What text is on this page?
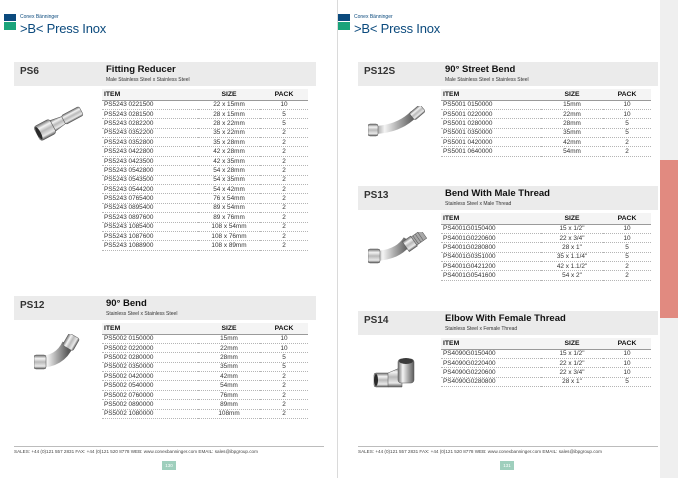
Conex Bänninger
>B< Press Inox
PS6	Fitting Reducer
Male Stainless Steel x Stainless Steel
ITEM	SIZE	PACK
PS5243 0221500	22 x 15mm	10
PS5243 0281500	28 x 15mm	5
PS5243 0282200	28 x 22mm	5
PS5243 0352200	35 x 22mm	2
PS5243 0352800	35 x 28mm	2
PS5243 0422800	42 x 28mm	2
PS5243 0423500	42 x 35mm	2
PS5243 0542800	54 x 28mm	2
PS5243 0543500	54 x 35mm	2
PS5243 0544200	54 x 42mm	2
PS5243 0765400	76 x 54mm	2
PS5243 0895400	89 x 54mm	2
PS5243 0897600	89 x 76mm	2
PS5243 1085400	108 x 54mm	2
PS5243 1087600	108 x 76mm	2
PS5243 1088900	108 x 89mm	2
PS12	90° Bend
Stainless Steel x Stainless Steel
ITEM	SIZE	PACK
PS5002 0150000	15mm	10
PS5002 0220000	22mm	10
PS5002 0280000	28mm	5
PS5002 0350000	35mm	5
PS5002 0420000	42mm	2
PS5002 0540000	54mm	2
PS5002 0760000	76mm	2
PS5002 0890000	89mm	2
PS5002 1080000	108mm	2
SALES: +44 (0)121 557 2831 FAX: +44 (0)121 520 8778 WEB: www.conexbanninger.com EMAIL: sales@ibpgroup.com
130
Conex Bänninger
>B< Press Inox
PS12S	90° Street Bend
Male Stainless Steel x Stainless Steel
ITEM	SIZE	PACK
PS5001 0150000	15mm	10
PS5001 0220000	22mm	10
PS5001 0280000	28mm	5
PS5001 0350000	35mm	5
PS5001 0420000	42mm	2
PS5001 0640000	54mm	2
PS13	Bend With Male Thread
Stainless Steel x Male Thread
ITEM	SIZE	PACK
PS4001G0150400	15 x 1/2"	10
PS4001G0220600	22 x 3/4"	10
PS4001G0280800	28 x 1"	5
PS4001G0351000	35 x 1.1/4"	5
PS4001G0421200	42 x 1.1/2"	2
PS4001G0541600	54 x 2"	2
PS14	Elbow With Female Thread
Stainless Steel x Female Thread
ITEM	SIZE	PACK
PS4090G0150400	15 x 1/2"	10
PS4090G0220400	22 x 1/2"	10
PS4090G0220600	22 x 3/4"	10
PS4090G0280800	28 x 1"	5
SALES: +44 (0)121 557 2831 FAX: +44 (0)121 520 8778 WEB: www.conexbanninger.com EMAIL: sales@ibpgroup.com
131
